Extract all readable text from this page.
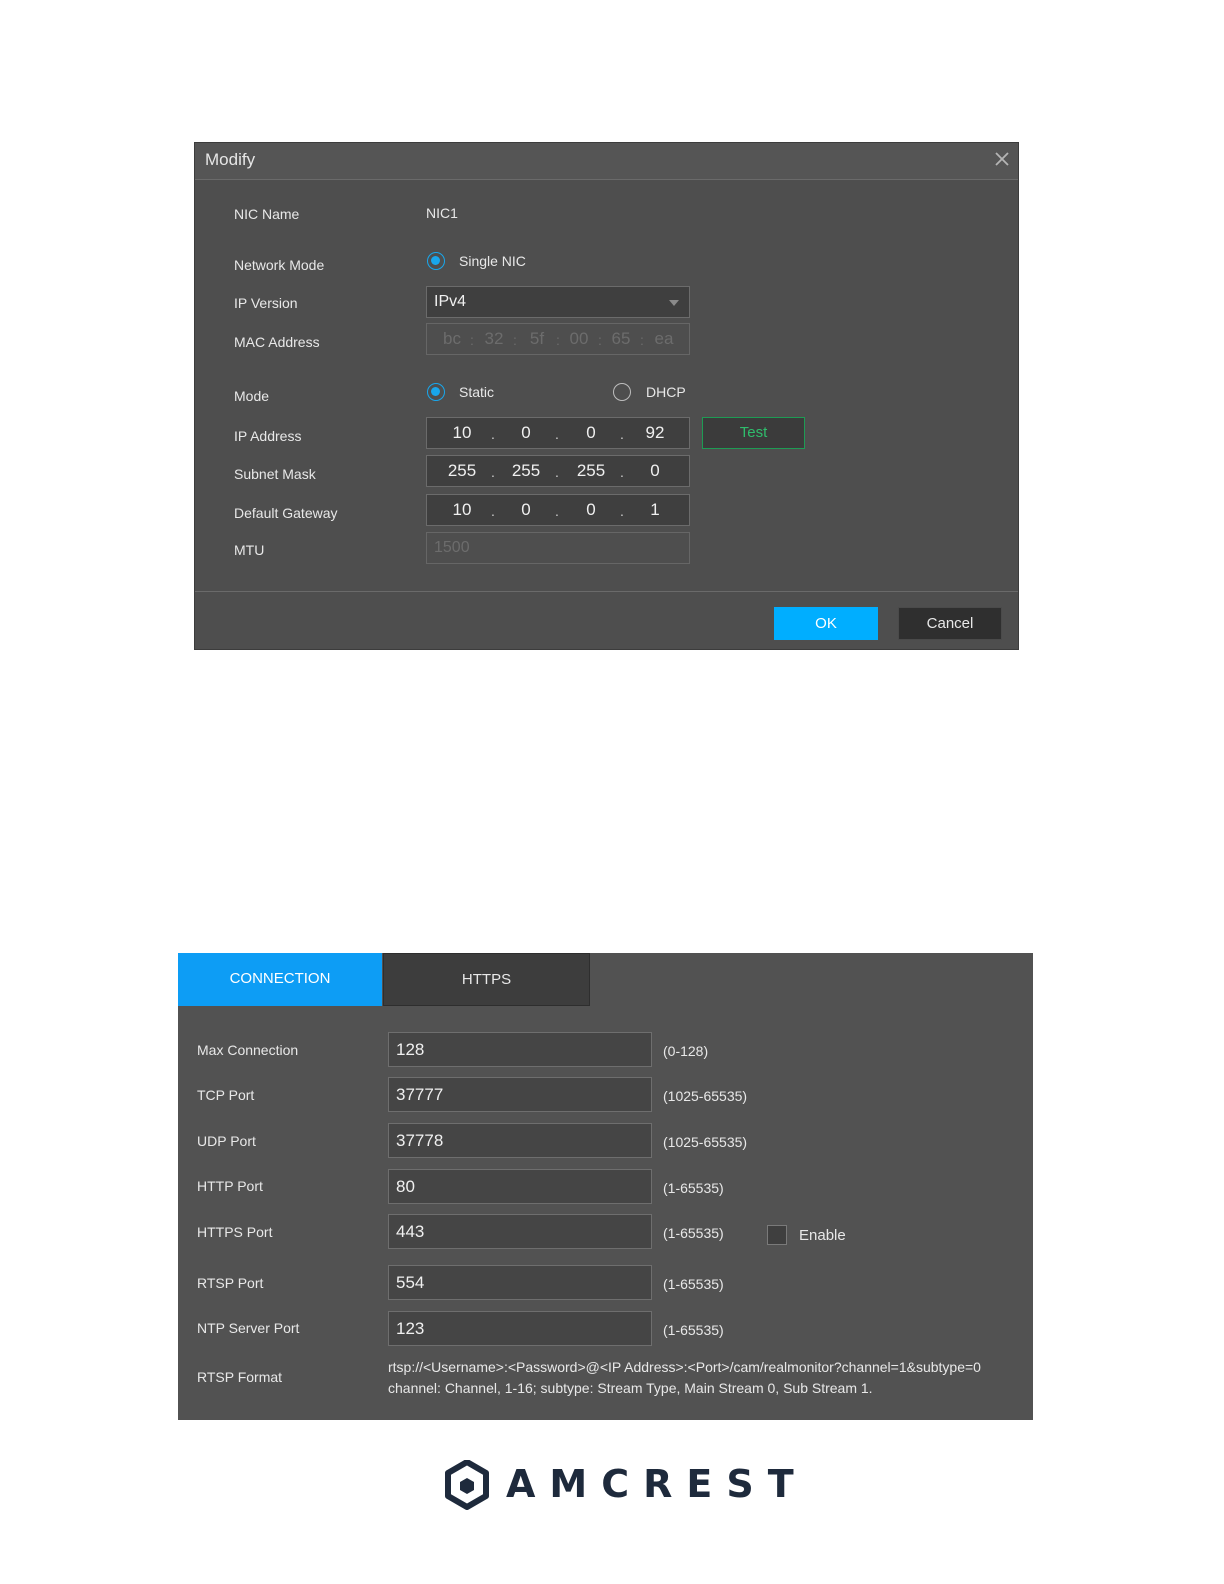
Modify
NIC Name	NIC1
Network Mode	Single NIC
IP Version	IPv4
MAC Address	bc : 32 : 5f : 00 : 65 : ea
Mode	Static	DHCP
IP Address	10	.	0	.	0	.	92	Test
Subnet Mask	255	. 255	.	255	.	0
Default Gateway	10	.	0	.	0	.	1
MTU	1500
OK	Cancel
CONNECTION	HTTPS
Max Connection	128	(0-128)
TCP Port	37777	(1025-65535)
UDP Port	37778	(1025-65535)
HTTP Port	80	(1-65535)
HTTPS Port	443	(1-65535)	Enable
RTSP Port	554	(1-65535)
NTP Server Port	123	(1-65535)
RTSP Format
rtsp://<Username>:<Password>@<IP Address>:<Port>/cam/realmonitor?channel=1&subtype=0
channel: Channel, 1-16; subtype: Stream Type, Main Stream 0, Sub Stream 1.
AMCREST
